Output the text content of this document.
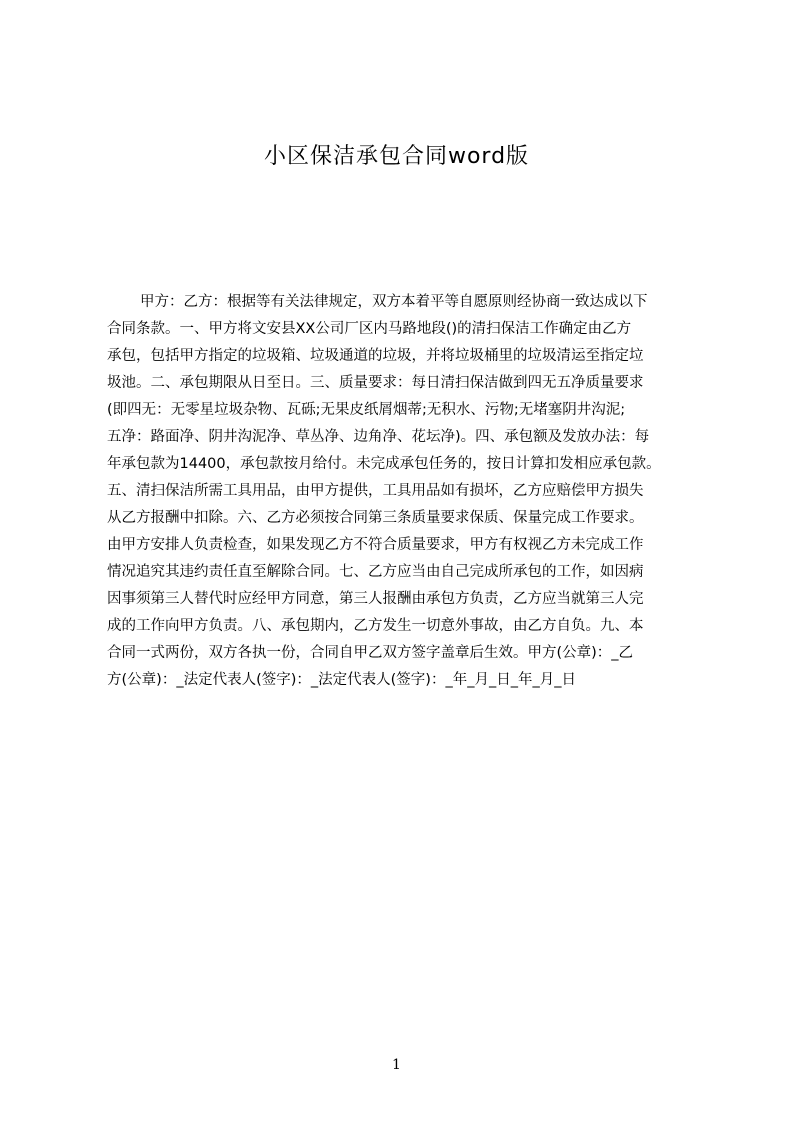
小区保洁承包合同word版
甲方：乙方：根据等有关法律规定，双方本着平等自愿原则经协商一致达成以下
合同条款。一、甲方将文安县XX公司厂区内马路地段()的清扫保洁工作确定由乙方
承包，包括甲方指定的垃圾箱、垃圾通道的垃圾，并将垃圾桶里的垃圾清运至指定垃
圾池。二、承包期限从日至日。三、质量要求：每日清扫保洁做到四无五净质量要求
(即四无：无零星垃圾杂物、瓦砾;无果皮纸屑烟蒂;无积水、污物;无堵塞阴井沟泥;
五净：路面净、阴井沟泥净、草丛净、边角净、花坛净)。四、承包额及发放办法：每
年承包款为14400，承包款按月给付。未完成承包任务的，按日计算扣发相应承包款。
五、清扫保洁所需工具用品，由甲方提供，工具用品如有损坏，乙方应赔偿甲方损失
从乙方报酬中扣除。六、乙方必须按合同第三条质量要求保质、保量完成工作要求。
由甲方安排人负责检查，如果发现乙方不符合质量要求，甲方有权视乙方未完成工作
情况追究其违约责任直至解除合同。七、乙方应当由自己完成所承包的工作，如因病
因事须第三人替代时应经甲方同意，第三人报酬由承包方负责，乙方应当就第三人完
成的工作向甲方负责。八、承包期内，乙方发生一切意外事故，由乙方自负。九、本
合同一式两份，双方各执一份，合同自甲乙双方签字盖章后生效。甲方(公章)：_乙
方(公章)：_法定代表人(签字)：_法定代表人(签字)：_年_月_日_年_月_日
1
